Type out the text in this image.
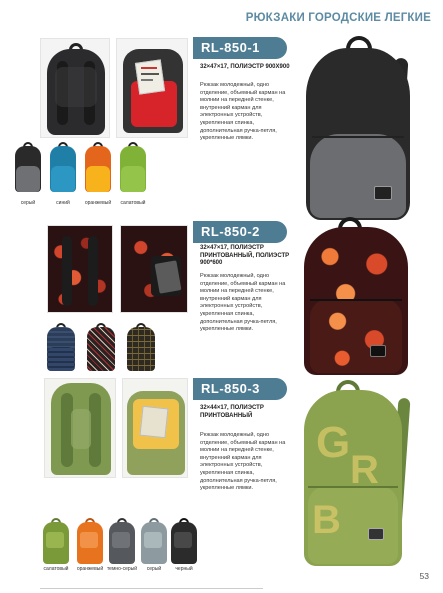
РЮКЗАКИ ГОРОДСКИЕ ЛЕГКИЕ
RL-850-1
32×47×17, ПОЛИЭСТР 900Х900
Рюкзак молодежный, одно отделение, объемный карман на молнии на передней стенке, внутренний карман для электронных устройств, укрепленная спинка, дополнительная ручка-петля, укрепленные лямки.
серый	синий	оранжевый	салатовый
RL-850-2
32×47×17, ПОЛИЭСТР ПРИНТОВАННЫЙ, ПОЛИЭСТР 900*600
Рюкзак молодежный, одно отделение, объемный карман на молнии на передней стенке, внутренний карман для электронных устройств, укрепленная спинка, дополнительная ручка-петля, укрепленные лямки.
RL-850-3
32×44×17, ПОЛИЭСТР ПРИНТОВАННЫЙ
Рюкзак молодежный, одно отделение, объемный карман на молнии на передней стенке, внутренний карман для электронных устройств, укрепленная спинка, дополнительная ручка-петля, укрепленные лямки.
G
R
B
салатовый	оранжевый темно-серый	серый	черный
53
